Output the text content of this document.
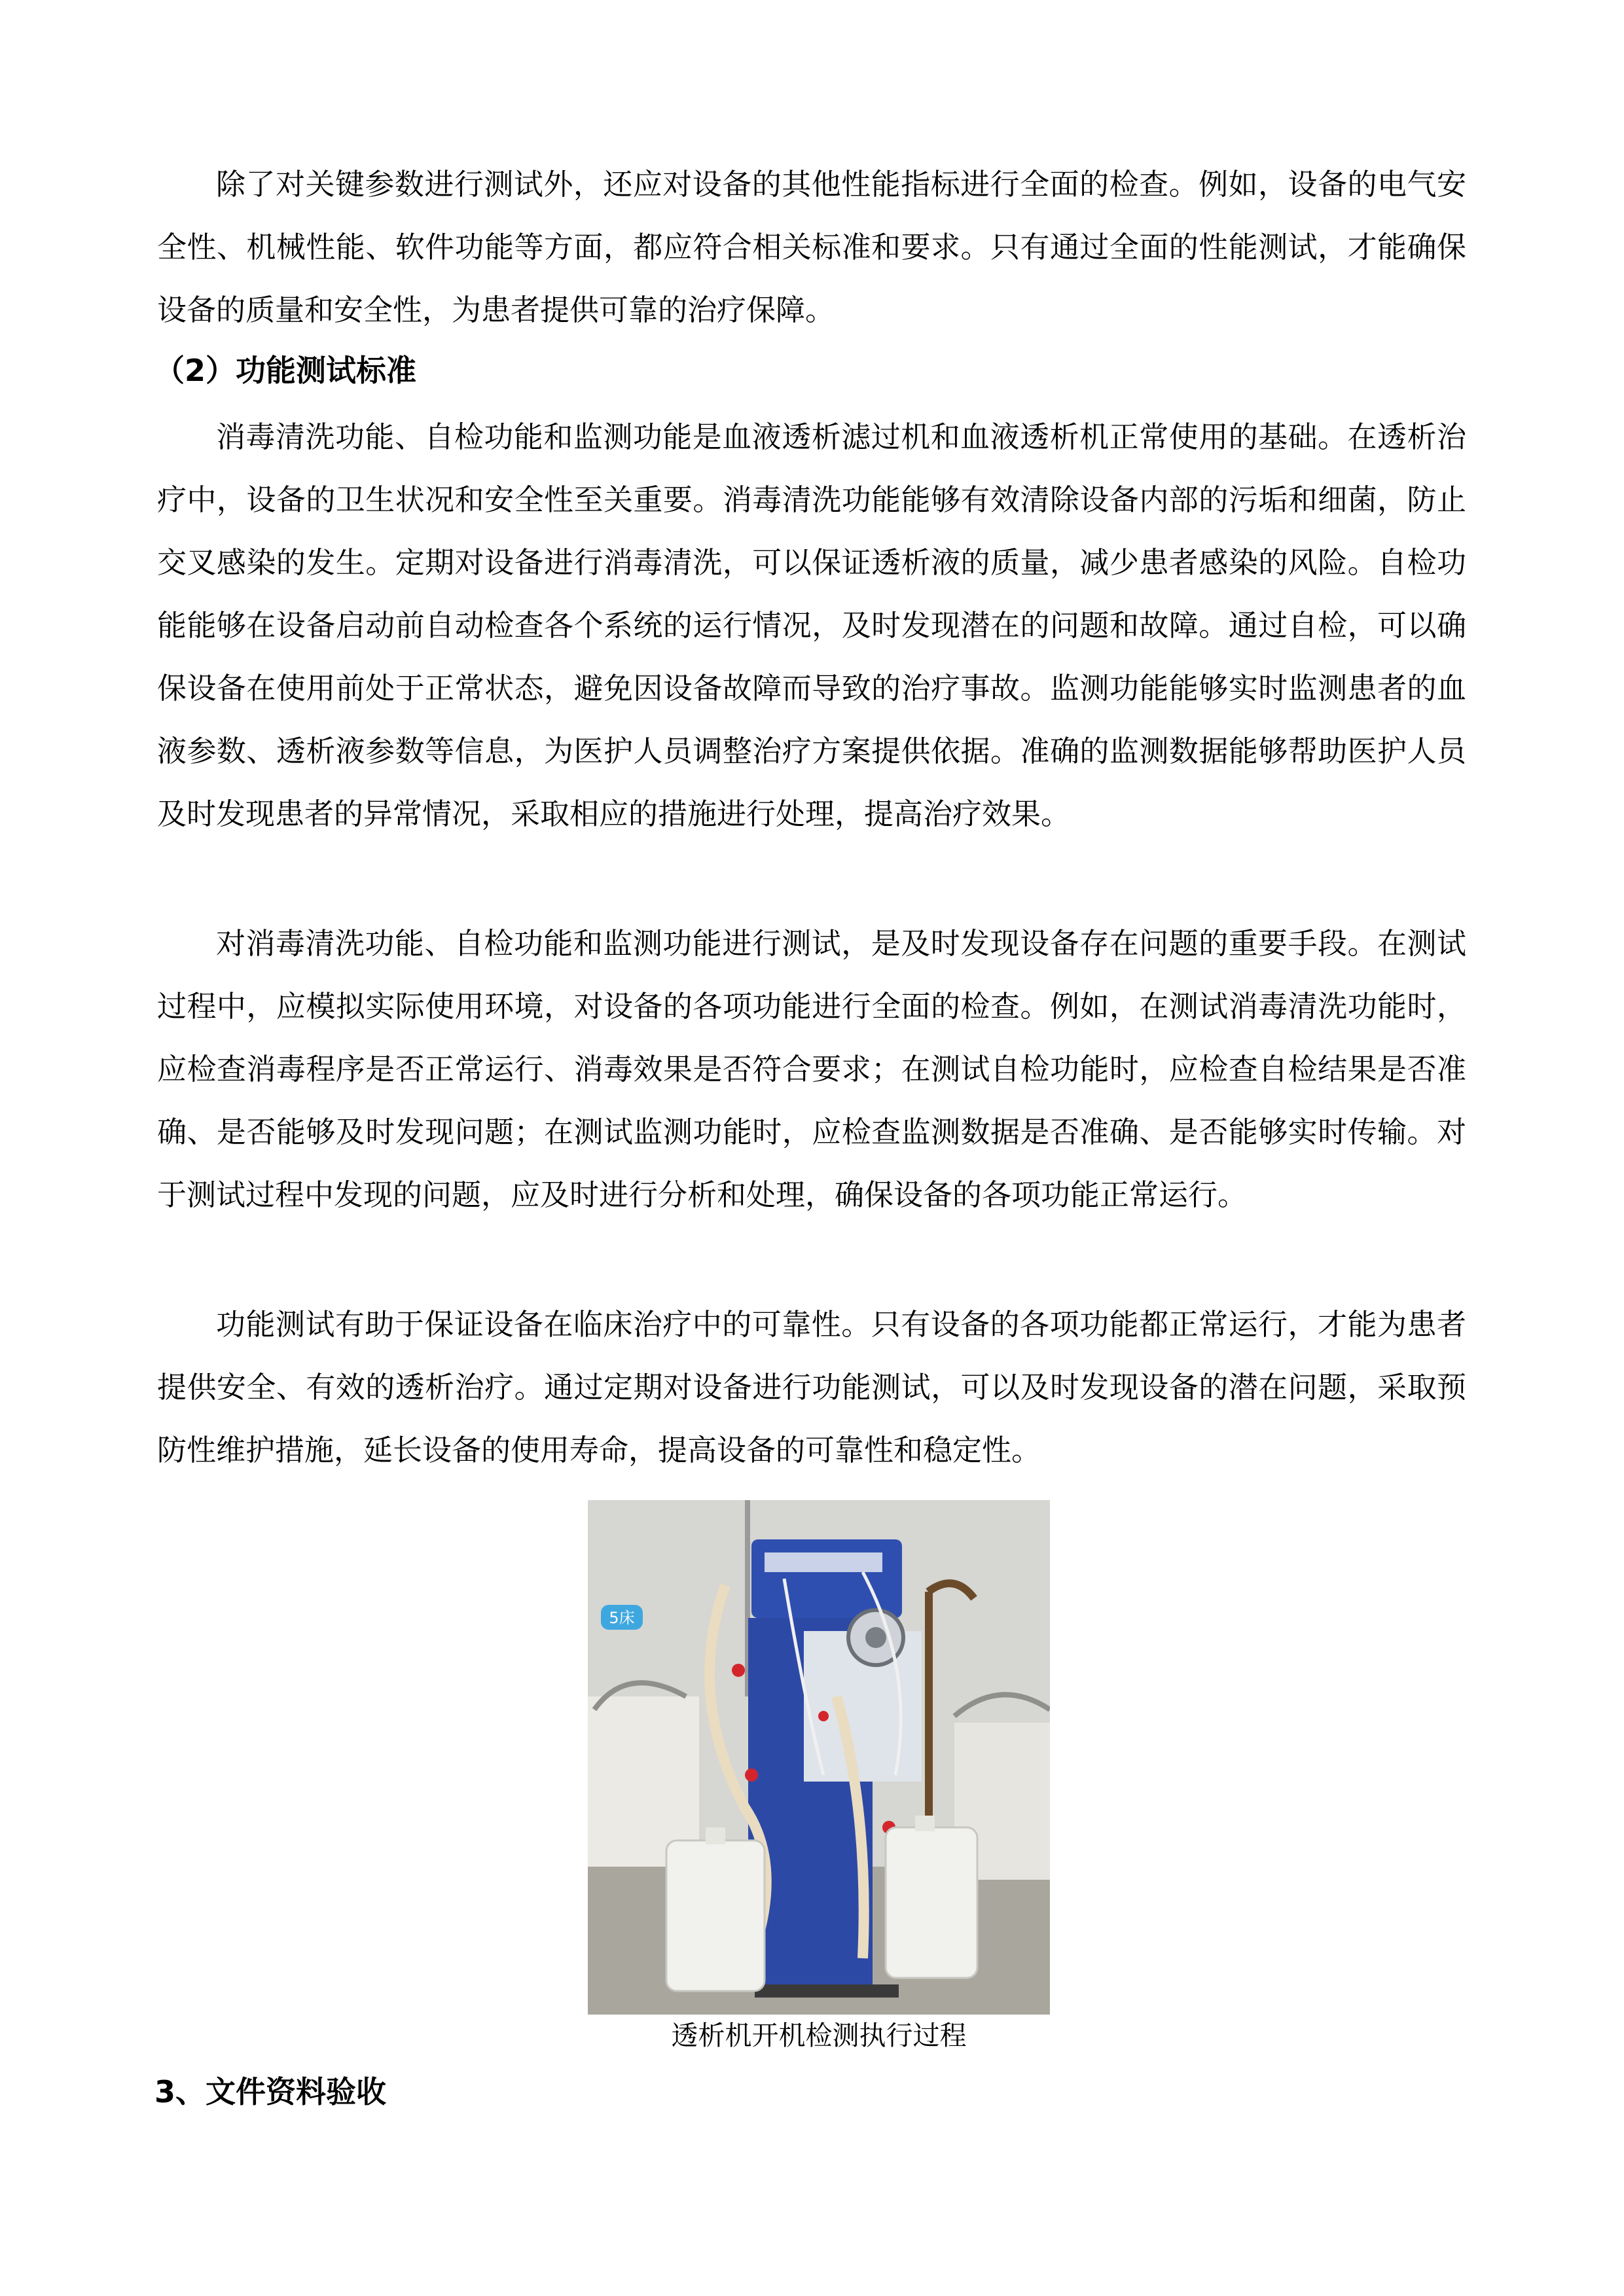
除了对关键参数进行测试外，还应对设备的其他性能指标进行全面的检查。例如，设备的电气安全性、机械性能、软件功能等方面，都应符合相关标准和要求。只有通过全面的性能测试，才能确保设备的质量和安全性，为患者提供可靠的治疗保障。

（2）功能测试标准

消毒清洗功能、自检功能和监测功能是血液透析滤过机和血液透析机正常使用的基础。在透析治疗中，设备的卫生状况和安全性至关重要。消毒清洗功能能够有效清除设备内部的污垢和细菌，防止交叉感染的发生。定期对设备进行消毒清洗，可以保证透析液的质量，减少患者感染的风险。自检功能能够在设备启动前自动检查各个系统的运行情况，及时发现潜在的问题和故障。通过自检，可以确保设备在使用前处于正常状态，避免因设备故障而导致的治疗事故。监测功能能够实时监测患者的血液参数、透析液参数等信息，为医护人员调整治疗方案提供依据。准确的监测数据能够帮助医护人员及时发现患者的异常情况，采取相应的措施进行处理，提高治疗效果。

对消毒清洗功能、自检功能和监测功能进行测试，是及时发现设备存在问题的重要手段。在测试过程中，应模拟实际使用环境，对设备的各项功能进行全面的检查。例如，在测试消毒清洗功能时，应检查消毒程序是否正常运行、消毒效果是否符合要求；在测试自检功能时，应检查自检结果是否准确、是否能够及时发现问题；在测试监测功能时，应检查监测数据是否准确、是否能够实时传输。对于测试过程中发现的问题，应及时进行分析和处理，确保设备的各项功能正常运行。

功能测试有助于保证设备在临床治疗中的可靠性。只有设备的各项功能都正常运行，才能为患者提供安全、有效的透析治疗。通过定期对设备进行功能测试，可以及时发现设备的潜在问题，采取预防性维护措施，延长设备的使用寿命，提高设备的可靠性和稳定性。

5床

透析机开机检测执行过程

3、文件资料验收
